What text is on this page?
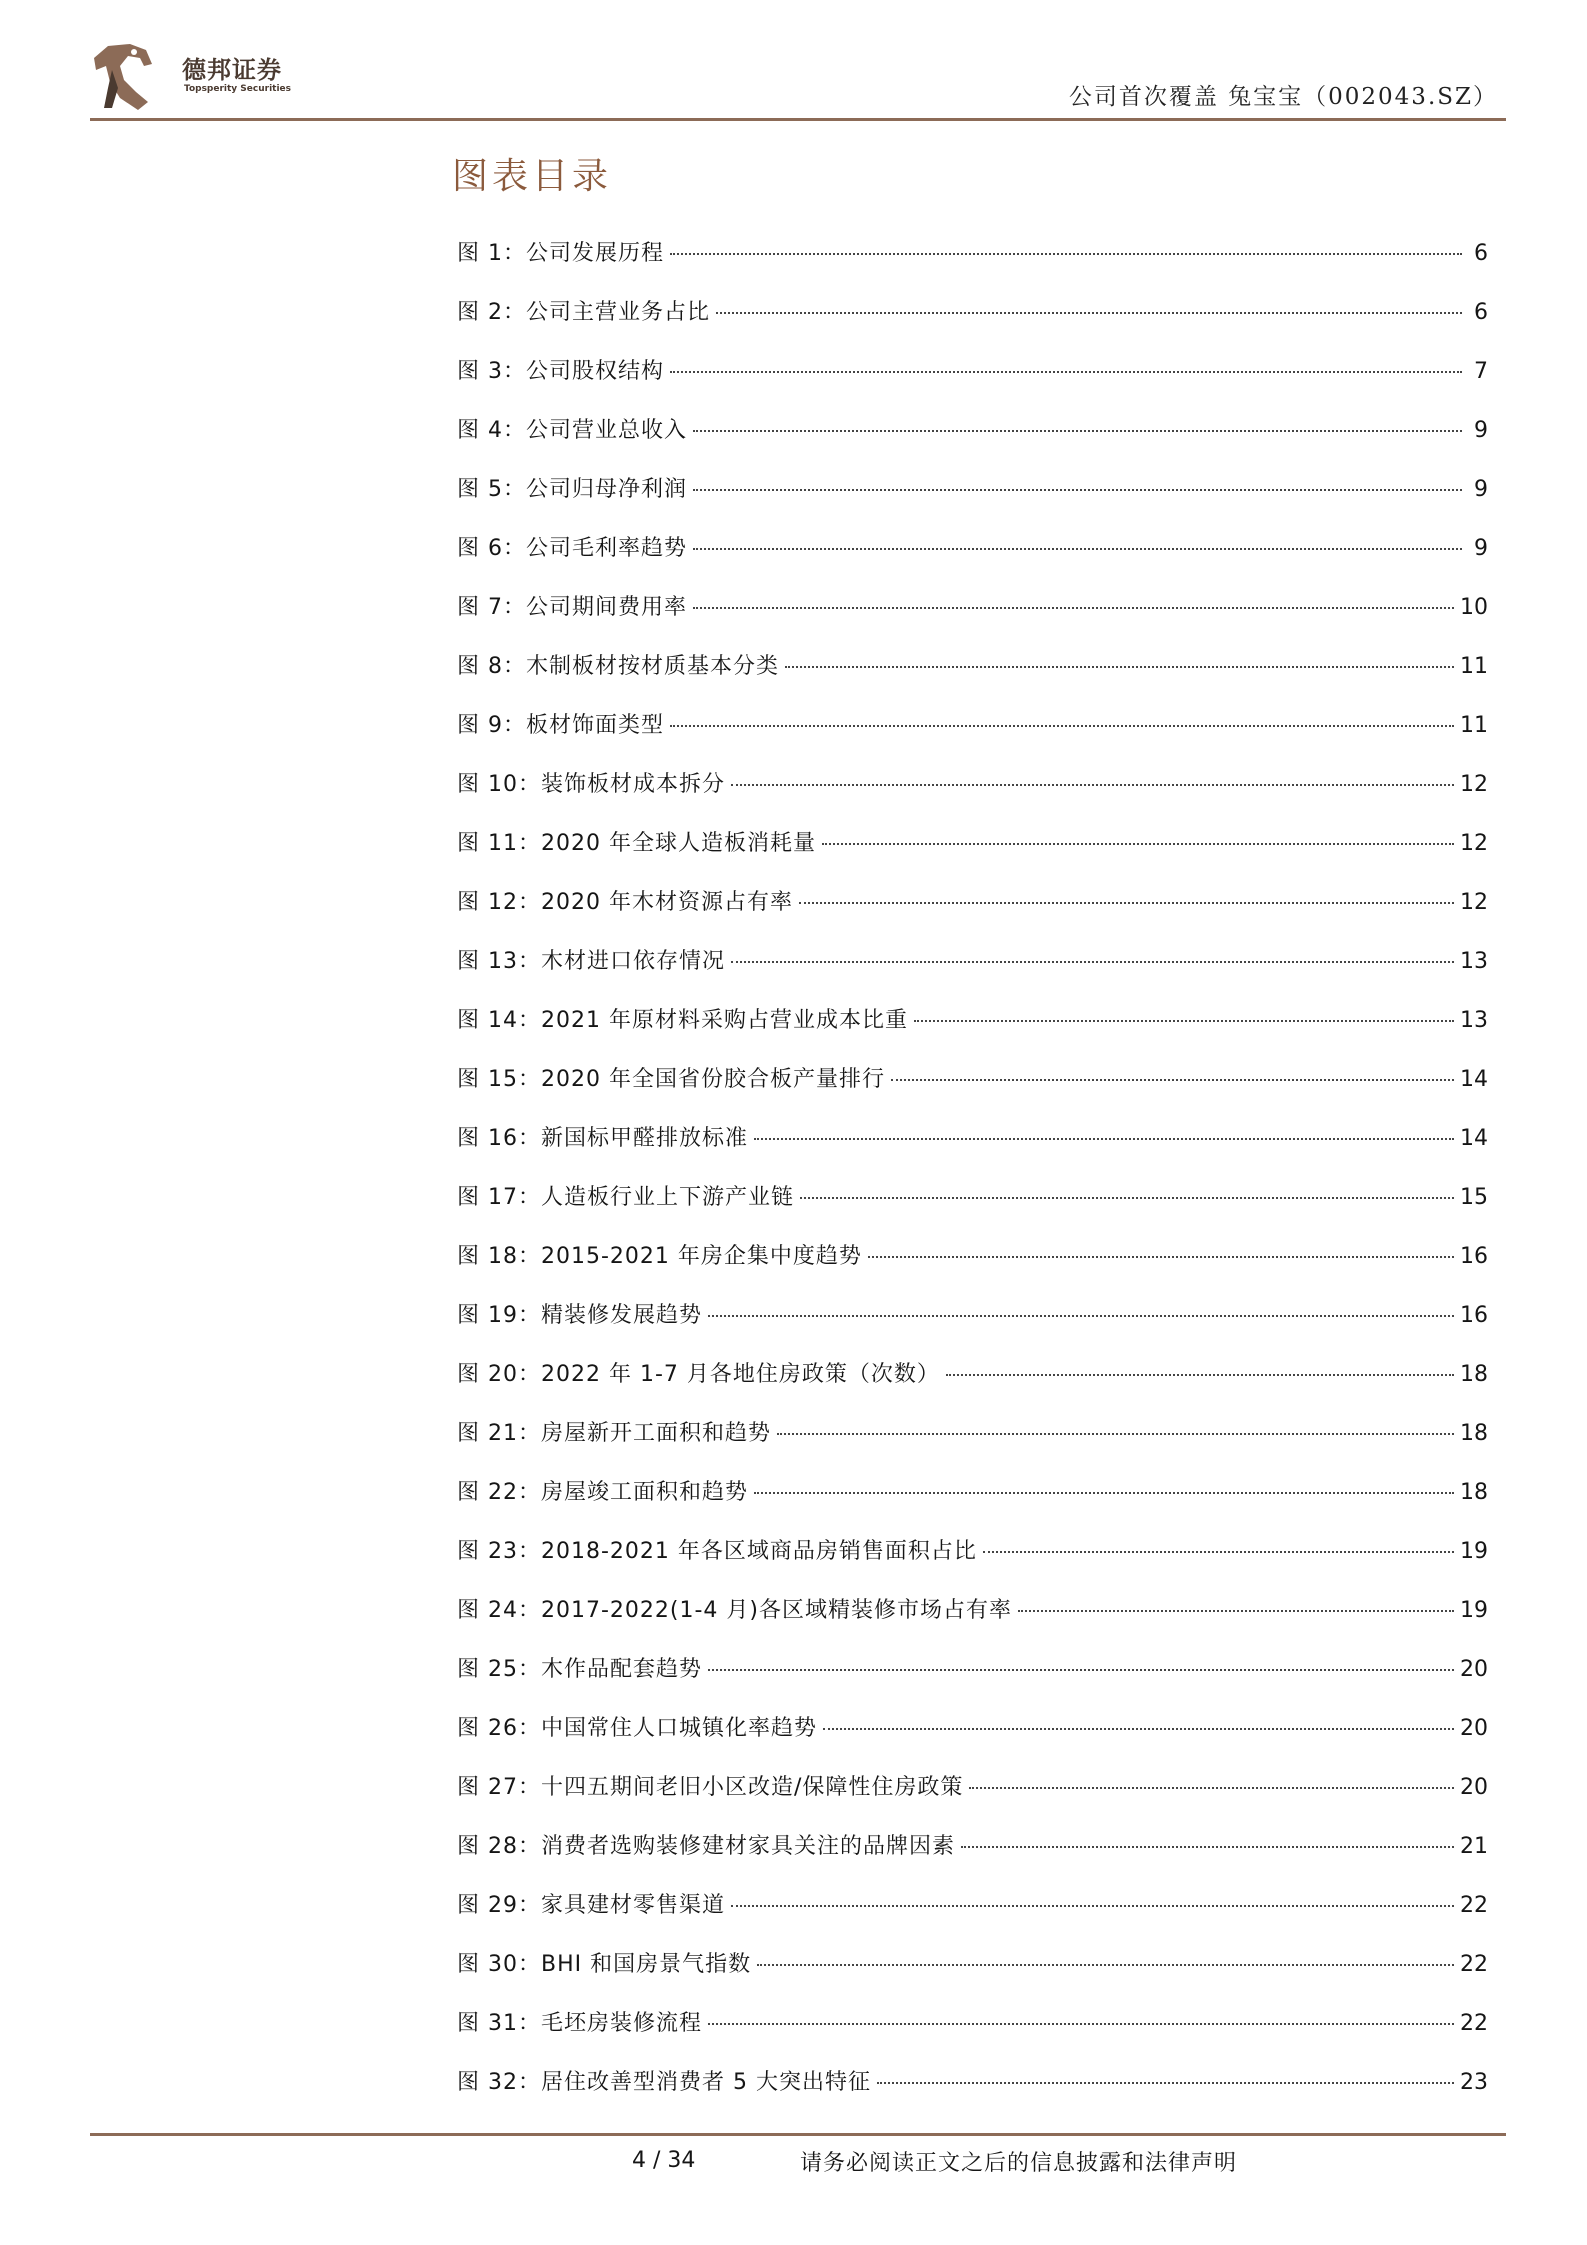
德邦证券
Topsperity Securities	公司首次覆盖 兔宝宝（002043.SZ）
图表目录
图 1：公司发展历程	6
图 2：公司主营业务占比	6
图 3：公司股权结构	7
图 4：公司营业总收入	9
图 5：公司归母净利润	9
图 6：公司毛利率趋势	9
图 7：公司期间费用率	10
图 8：木制板材按材质基本分类	11
图 9：板材饰面类型	11
图 10：装饰板材成本拆分	12
图 11：2020 年全球人造板消耗量	12
图 12：2020 年木材资源占有率	12
图 13：木材进口依存情况	13
图 14：2021 年原材料采购占营业成本比重	13
图 15：2020 年全国省份胶合板产量排行	14
图 16：新国标甲醛排放标准	14
图 17：人造板行业上下游产业链	15
图 18：2015-2021 年房企集中度趋势	16
图 19：精装修发展趋势	16
图 20：2022 年 1-7 月各地住房政策（次数）	18
图 21：房屋新开工面积和趋势	18
图 22：房屋竣工面积和趋势	18
图 23：2018-2021 年各区域商品房销售面积占比	19
图 24：2017-2022(1-4 月)各区域精装修市场占有率	19
图 25：木作品配套趋势	20
图 26：中国常住人口城镇化率趋势	20
图 27：十四五期间老旧小区改造/保障性住房政策	20
图 28：消费者选购装修建材家具关注的品牌因素	21
图 29：家具建材零售渠道	22
图 30：BHI 和国房景气指数	22
图 31：毛坯房装修流程	22
图 32：居住改善型消费者 5 大突出特征	23
4 / 34	请务必阅读正文之后的信息披露和法律声明
